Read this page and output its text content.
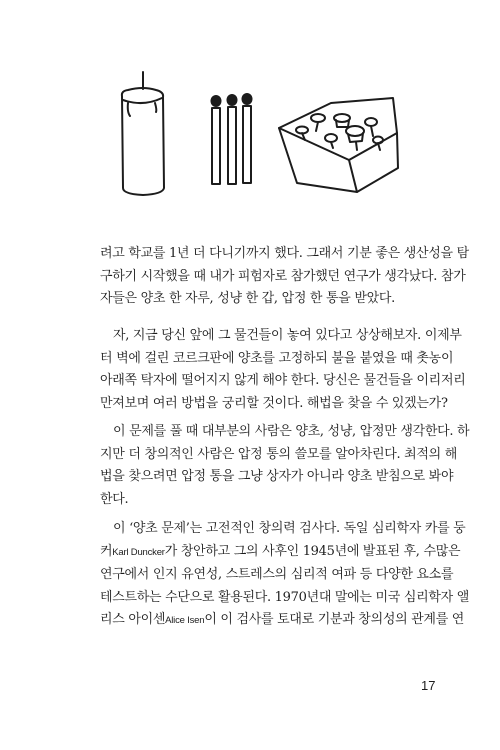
려고 학교를 1년 더 다니기까지 했다. 그래서 기분 좋은 생산성을 탐
구하기 시작했을 때 내가 피험자로 참가했던 연구가 생각났다. 참가
자들은 양초 한 자루, 성냥 한 갑, 압정 한 통을 받았다.

자, 지금 당신 앞에 그 물건들이 놓여 있다고 상상해보자. 이제부
터 벽에 걸린 코르크판에 양초를 고정하되 불을 붙였을 때 촛농이
아래쪽 탁자에 떨어지지 않게 해야 한다. 당신은 물건들을 이리저리
만져보며 여러 방법을 궁리할 것이다. 해법을 찾을 수 있겠는가?

이 문제를 풀 때 대부분의 사람은 양초, 성냥, 압정만 생각한다. 하
지만 더 창의적인 사람은 압정 통의 쓸모를 알아차린다. 최적의 해
법을 찾으려면 압정 통을 그냥 상자가 아니라 양초 받침으로 봐야
한다.

이 ‘양초 문제’는 고전적인 창의력 검사다. 독일 심리학자 카를 둥
커Karl Duncker가 창안하고 그의 사후인 1945년에 발표된 후, 수많은
연구에서 인지 유연성, 스트레스의 심리적 여파 등 다양한 요소를
테스트하는 수단으로 활용된다. 1970년대 말에는 미국 심리학자 앨
리스 아이센Alice Isen이 이 검사를 토대로 기분과 창의성의 관계를 연

17
